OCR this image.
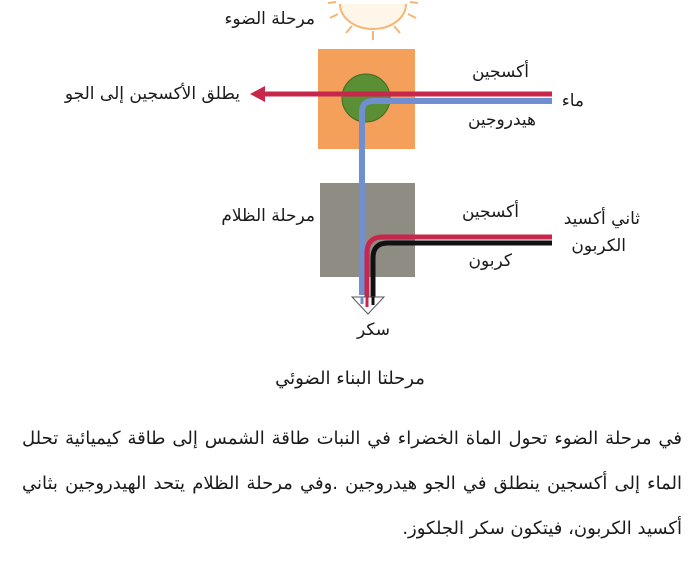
مرحلة الضوء
يطلق الأكسجين إلى الجو
أكسجين
ماء
هيدروجين
مرحلة الظلام	أكسجين	ثاني أكسيد
الكربون
كربون
سكر
مرحلتا البناء الضوئي

في مرحلة الضوء تحول الماة الخضراء في النبات طاقة الشمس إلى طاقة كيميائية تحلل الماء إلى أكسجين ينطلق في الجو هيدروجين .وفي مرحلة الظلام يتحد الهيدروجين بثاني أكسيد الكربون، فيتكون سكر الجلكوز.
